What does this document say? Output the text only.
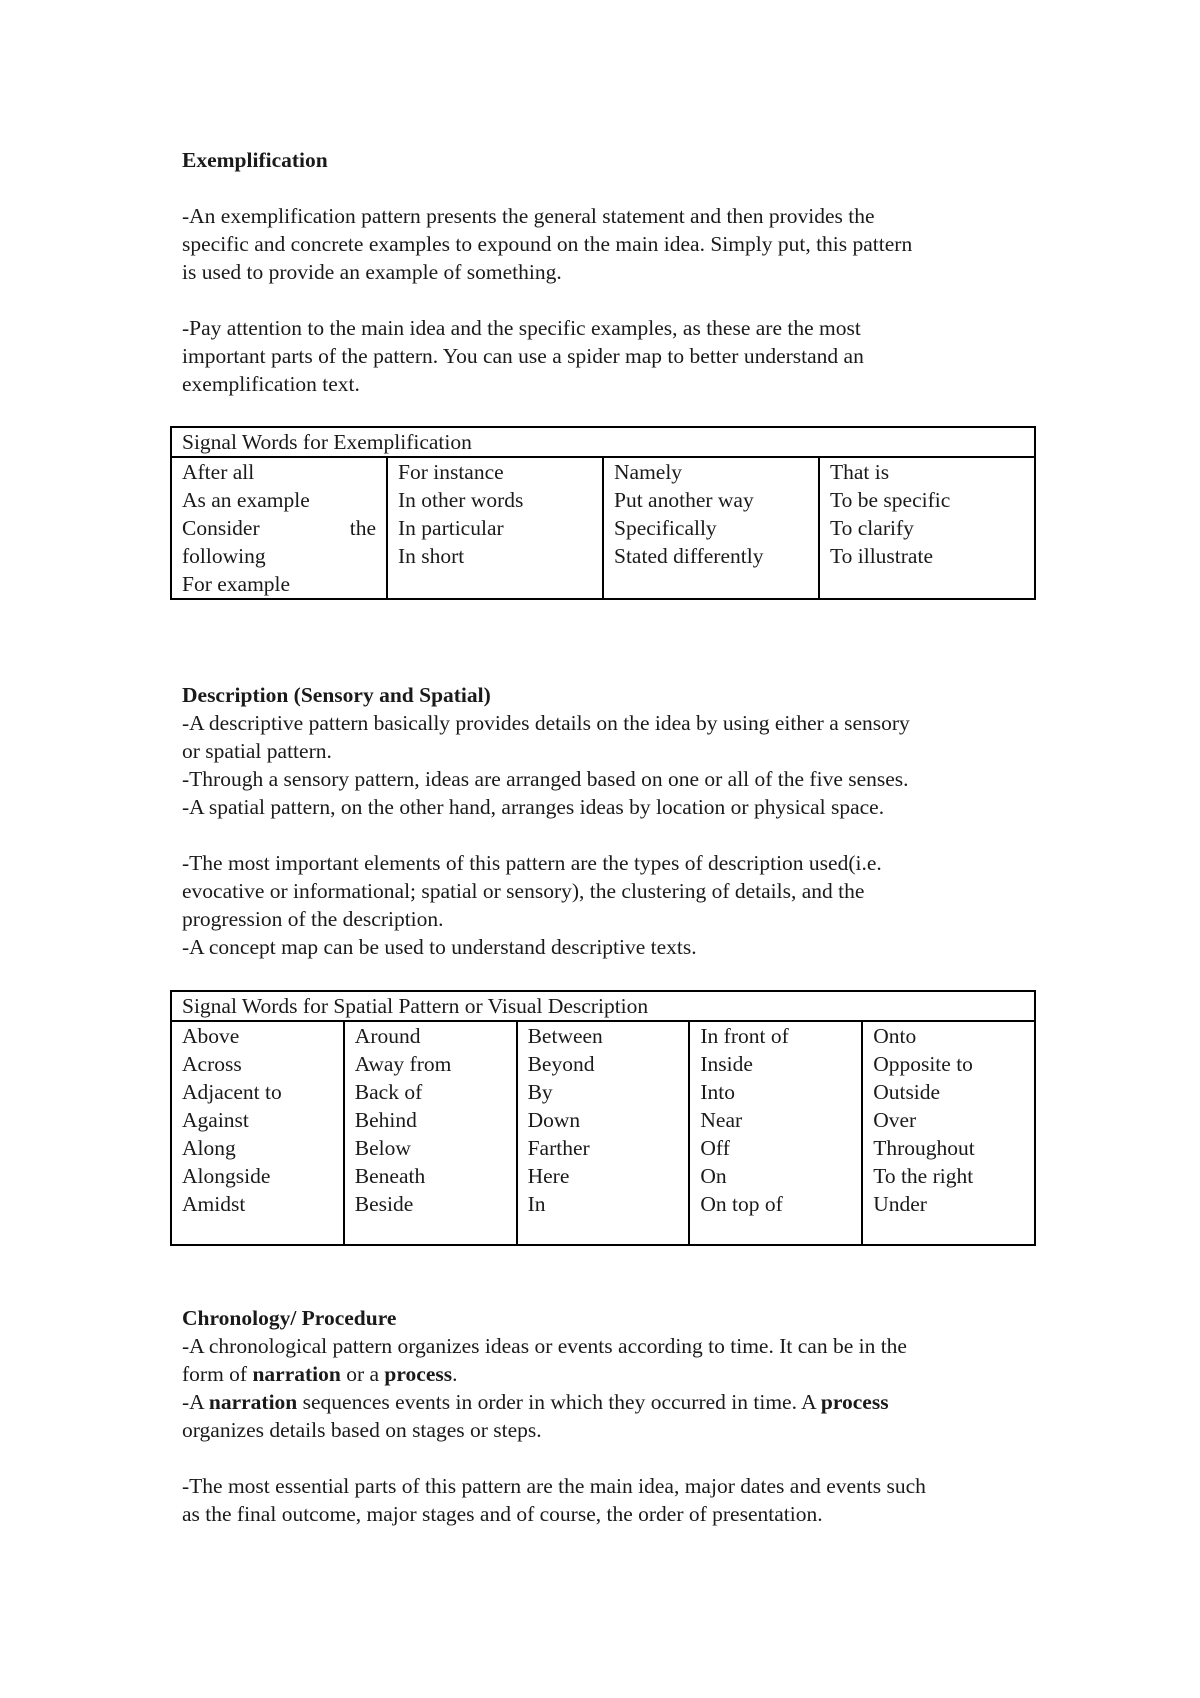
Exemplification

-An exemplification pattern presents the general statement and then provides the
specific and concrete examples to expound on the main idea. Simply put, this pattern
is used to provide an example of something.

-Pay attention to the main idea and the specific examples, as these are the most
important parts of the pattern. You can use a spider map to better understand an
exemplification text.

Signal Words for Exemplification

After all
As an example
Consider	the
following
For example

For instance
In other words
In particular
In short

Namely
Put another way
Specifically
Stated differently

That is
To be specific
To clarify
To illustrate

Description (Sensory and Spatial)

-A descriptive pattern basically provides details on the idea by using either a sensory
or spatial pattern.
-Through a sensory pattern, ideas are arranged based on one or all of the five senses.
-A spatial pattern, on the other hand, arranges ideas by location or physical space.

-The most important elements of this pattern are the types of description used(i.e.
evocative or informational; spatial or sensory), the clustering of details, and the
progression of the description.
-A concept map can be used to understand descriptive texts.

Signal Words for Spatial Pattern or Visual Description

Above
Across
Adjacent to
Against
Along
Alongside
Amidst

Around
Away from
Back of
Behind
Below
Beneath
Beside

Between
Beyond
By
Down
Farther
Here
In

In front of
Inside
Into
Near
Off
On
On top of

Onto
Opposite to
Outside
Over
Throughout
To the right
Under

Chronology/ Procedure

-A chronological pattern organizes ideas or events according to time. It can be in the
form of narration or a process.
-A narration sequences events in order in which they occurred in time. A process
organizes details based on stages or steps.

-The most essential parts of this pattern are the main idea, major dates and events such
as the final outcome, major stages and of course, the order of presentation.
